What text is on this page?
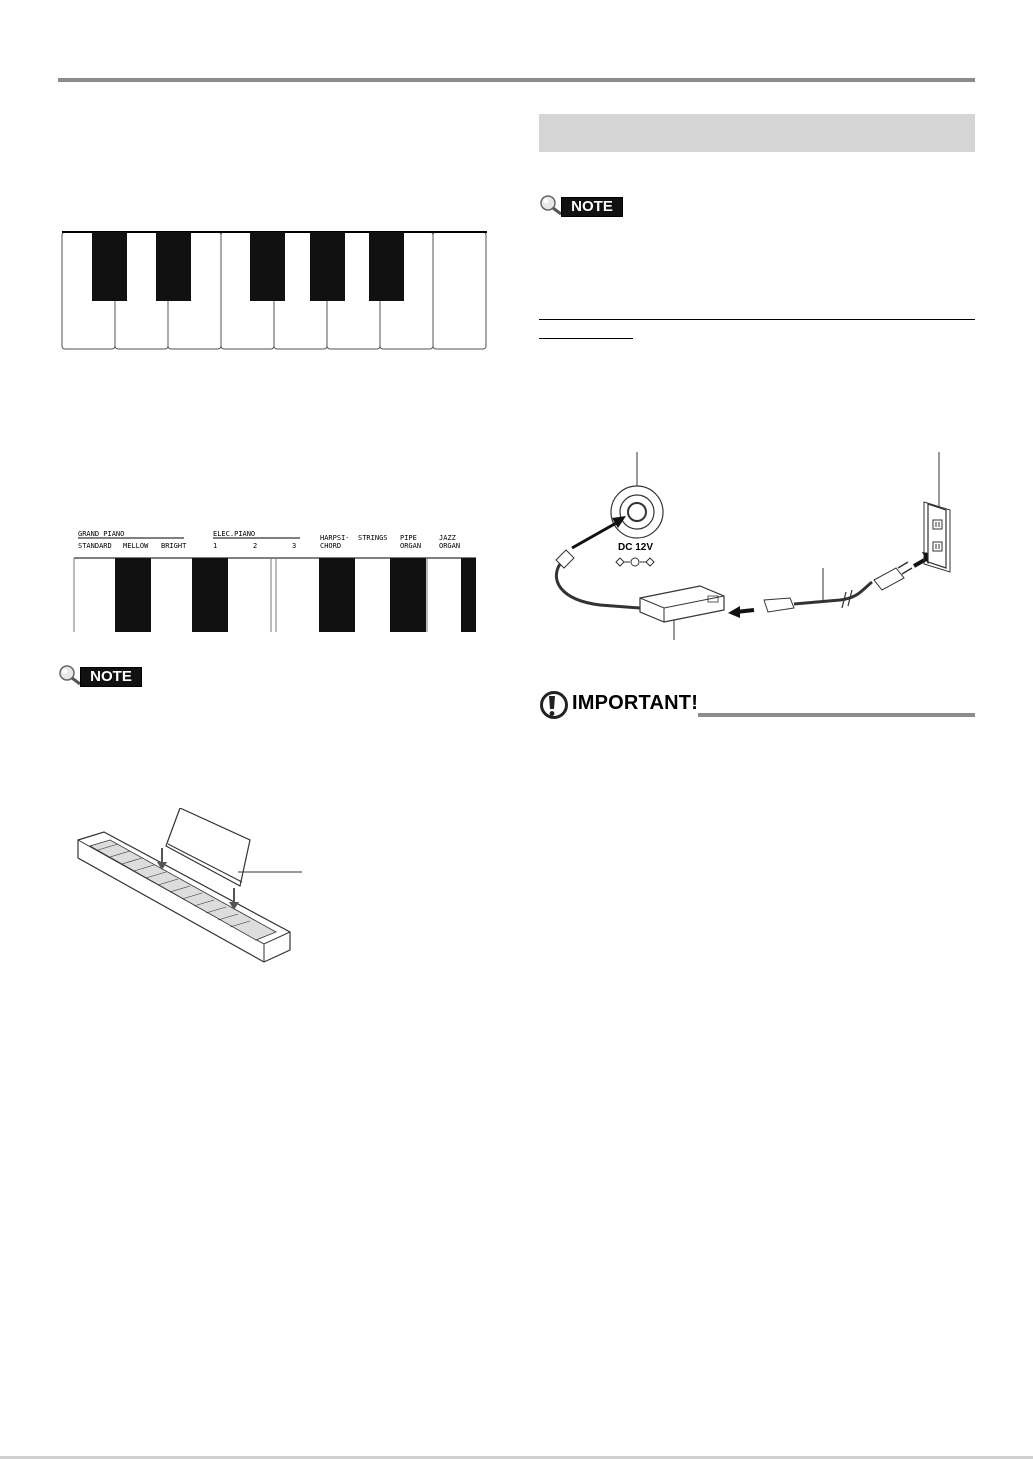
GRAND PIANO	ELEC.PIANO
STANDARD MELLOW BRIGHT	1	2	3
HARPSI-
CHORD
STRINGS PIPE
ORGAN
JAZZ
ORGAN
NOTE
NOTE
DC 12V
IMPORTANT!
